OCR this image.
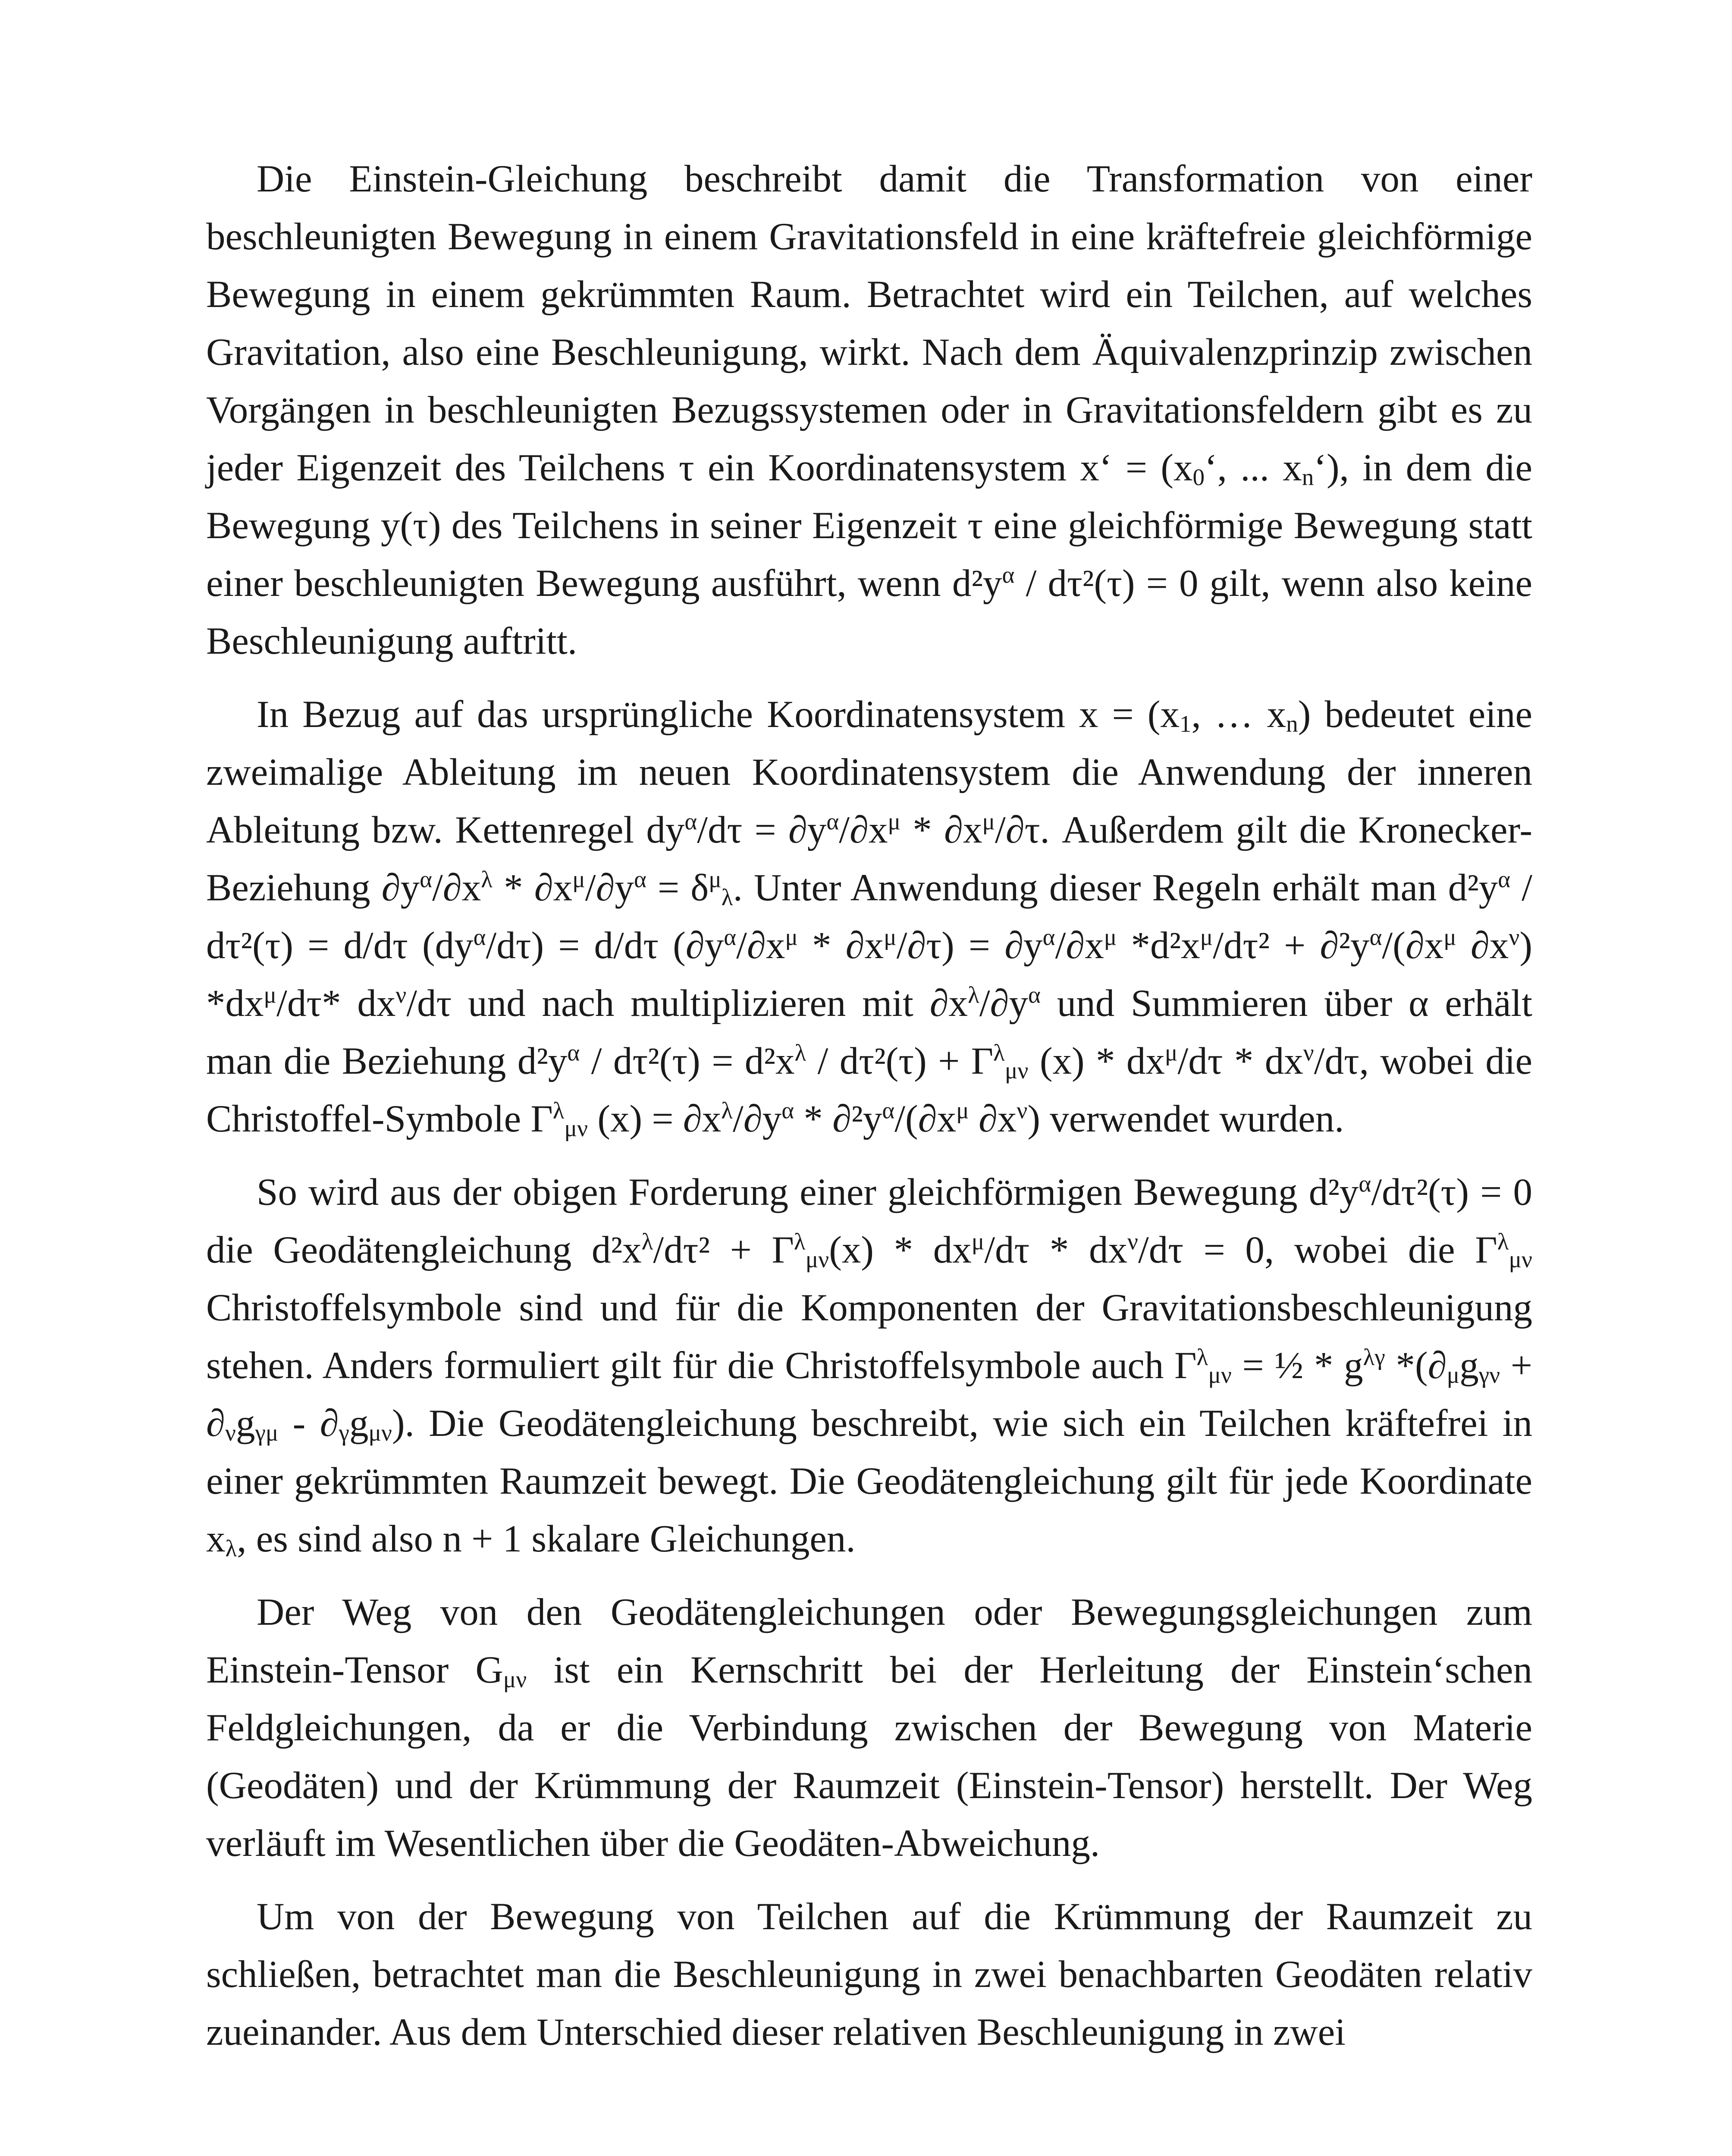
Die Einstein-Gleichung beschreibt damit die Transformation von einer beschleunigten Bewegung in einem Gravitationsfeld in eine kräftefreie gleichförmige Bewegung in einem gekrümmten Raum. Betrachtet wird ein Teilchen, auf welches Gravitation, also eine Beschleunigung, wirkt. Nach dem Äquivalenzprinzip zwischen Vorgängen in beschleunigten Bezugssystemen oder in Gravitationsfeldern gibt es zu jeder Eigenzeit des Teilchens τ ein Koordinatensystem x‘ = ($x_0‘$, ... $x_n‘$), in dem die Bewegung y(τ) des Teilchens in seiner Eigenzeit τ eine gleichförmige Bewegung statt einer beschleunigten Bewegung ausführt, wenn $d^2y^\alpha / d\tau^2(\tau) = 0$ gilt, wenn also keine Beschleunigung auftritt.

In Bezug auf das ursprüngliche Koordinatensystem $x = (x_1$, … $x_n$) bedeutet eine zweimalige Ableitung im neuen Koordinatensystem die Anwendung der inneren Ableitung bzw. Kettenregel $dy^\alpha/d\tau = \partial y^\alpha/\partial x^\mu * \partial x^\mu/\partial\tau$. Außerdem gilt die Kronecker-Beziehung $\partial y^\alpha/\partial x^\lambda * \partial x^\mu/\partial y^\alpha = \delta^\mu_\lambda$. Unter Anwendung dieser Regeln erhält man $d^2y^\alpha / d\tau^2(\tau) = d/d\tau$ $(dy^\alpha/d\tau) = d/d\tau$ $(\partial y^\alpha/\partial x^\mu * \partial x^\mu/\partial\tau) = \partial y^\alpha/\partial x^\mu$ $*d^2x^\mu$/dτ² + $\partial^2y^\alpha/(\partial x^\mu$ $\partial x^\nu$) $*dx^\mu/d\tau*$ $dx^\nu/d\tau$ und nach multiplizieren mit $\partial x^\lambda/\partial y^\alpha$ und Summieren über α erhält man die Beziehung $d^2y^\alpha / d\tau^2(\tau) = d^2x^\lambda / d\tau^2(\tau) + \Gamma^\lambda_{\mu\nu}$ $(x) * dx^\mu/d\tau * dx^\nu/d\tau$, wobei die Christoffel-Symbole $\Gamma^\lambda_{\mu\nu}$ $(x) = \partial x^\lambda/\partial y^\alpha * \partial^2y^\alpha/(\partial x^\mu$ $\partial x^\nu$) verwendet wurden.

So wird aus der obigen Forderung einer gleichförmigen Bewegung $d^2y^\alpha/d\tau^2(\tau) = 0$ die Geodätengleichung $d^2x^\lambda$/dτ² + $\Gamma^\lambda_{\mu\nu}(x) * dx^\mu/d\tau * dx^\nu/d\tau = 0$, wobei die $\Gamma^\lambda_{\mu\nu}$ Christoffelsymbole sind und für die Komponenten der Gravitationsbeschleunigung stehen. Anders formuliert gilt für die Christoffelsymbole auch $\Gamma^\lambda_{\mu\nu}$ = ½ * $g^{\lambda\gamma}$ $*(\partial_\mu g_{\gamma\nu} + \partial_\nu g_{\gamma\mu} - \partial_\gamma g_{\mu\nu})$. Die Geodätengleichung beschreibt, wie sich ein Teilchen kräftefrei in einer gekrümmten Raumzeit bewegt. Die Geodätengleichung gilt für jede Koordinate $x_\lambda$, es sind also n + 1 skalare Gleichungen.

Der Weg von den Geodätengleichungen oder Bewegungsgleichungen zum Einstein-Tensor $G_{\mu\nu}$ ist ein Kernschritt bei der Herleitung der Einstein‘schen Feldgleichungen, da er die Verbindung zwischen der Bewegung von Materie (Geodäten) und der Krümmung der Raumzeit (Einstein-Tensor) herstellt. Der Weg verläuft im Wesentlichen über die Geodäten-Abweichung.

Um von der Bewegung von Teilchen auf die Krümmung der Raumzeit zu schließen, betrachtet man die Beschleunigung in zwei benachbarten Geodäten relativ zueinander. Aus dem Unterschied dieser relativen Beschleunigung in zwei
